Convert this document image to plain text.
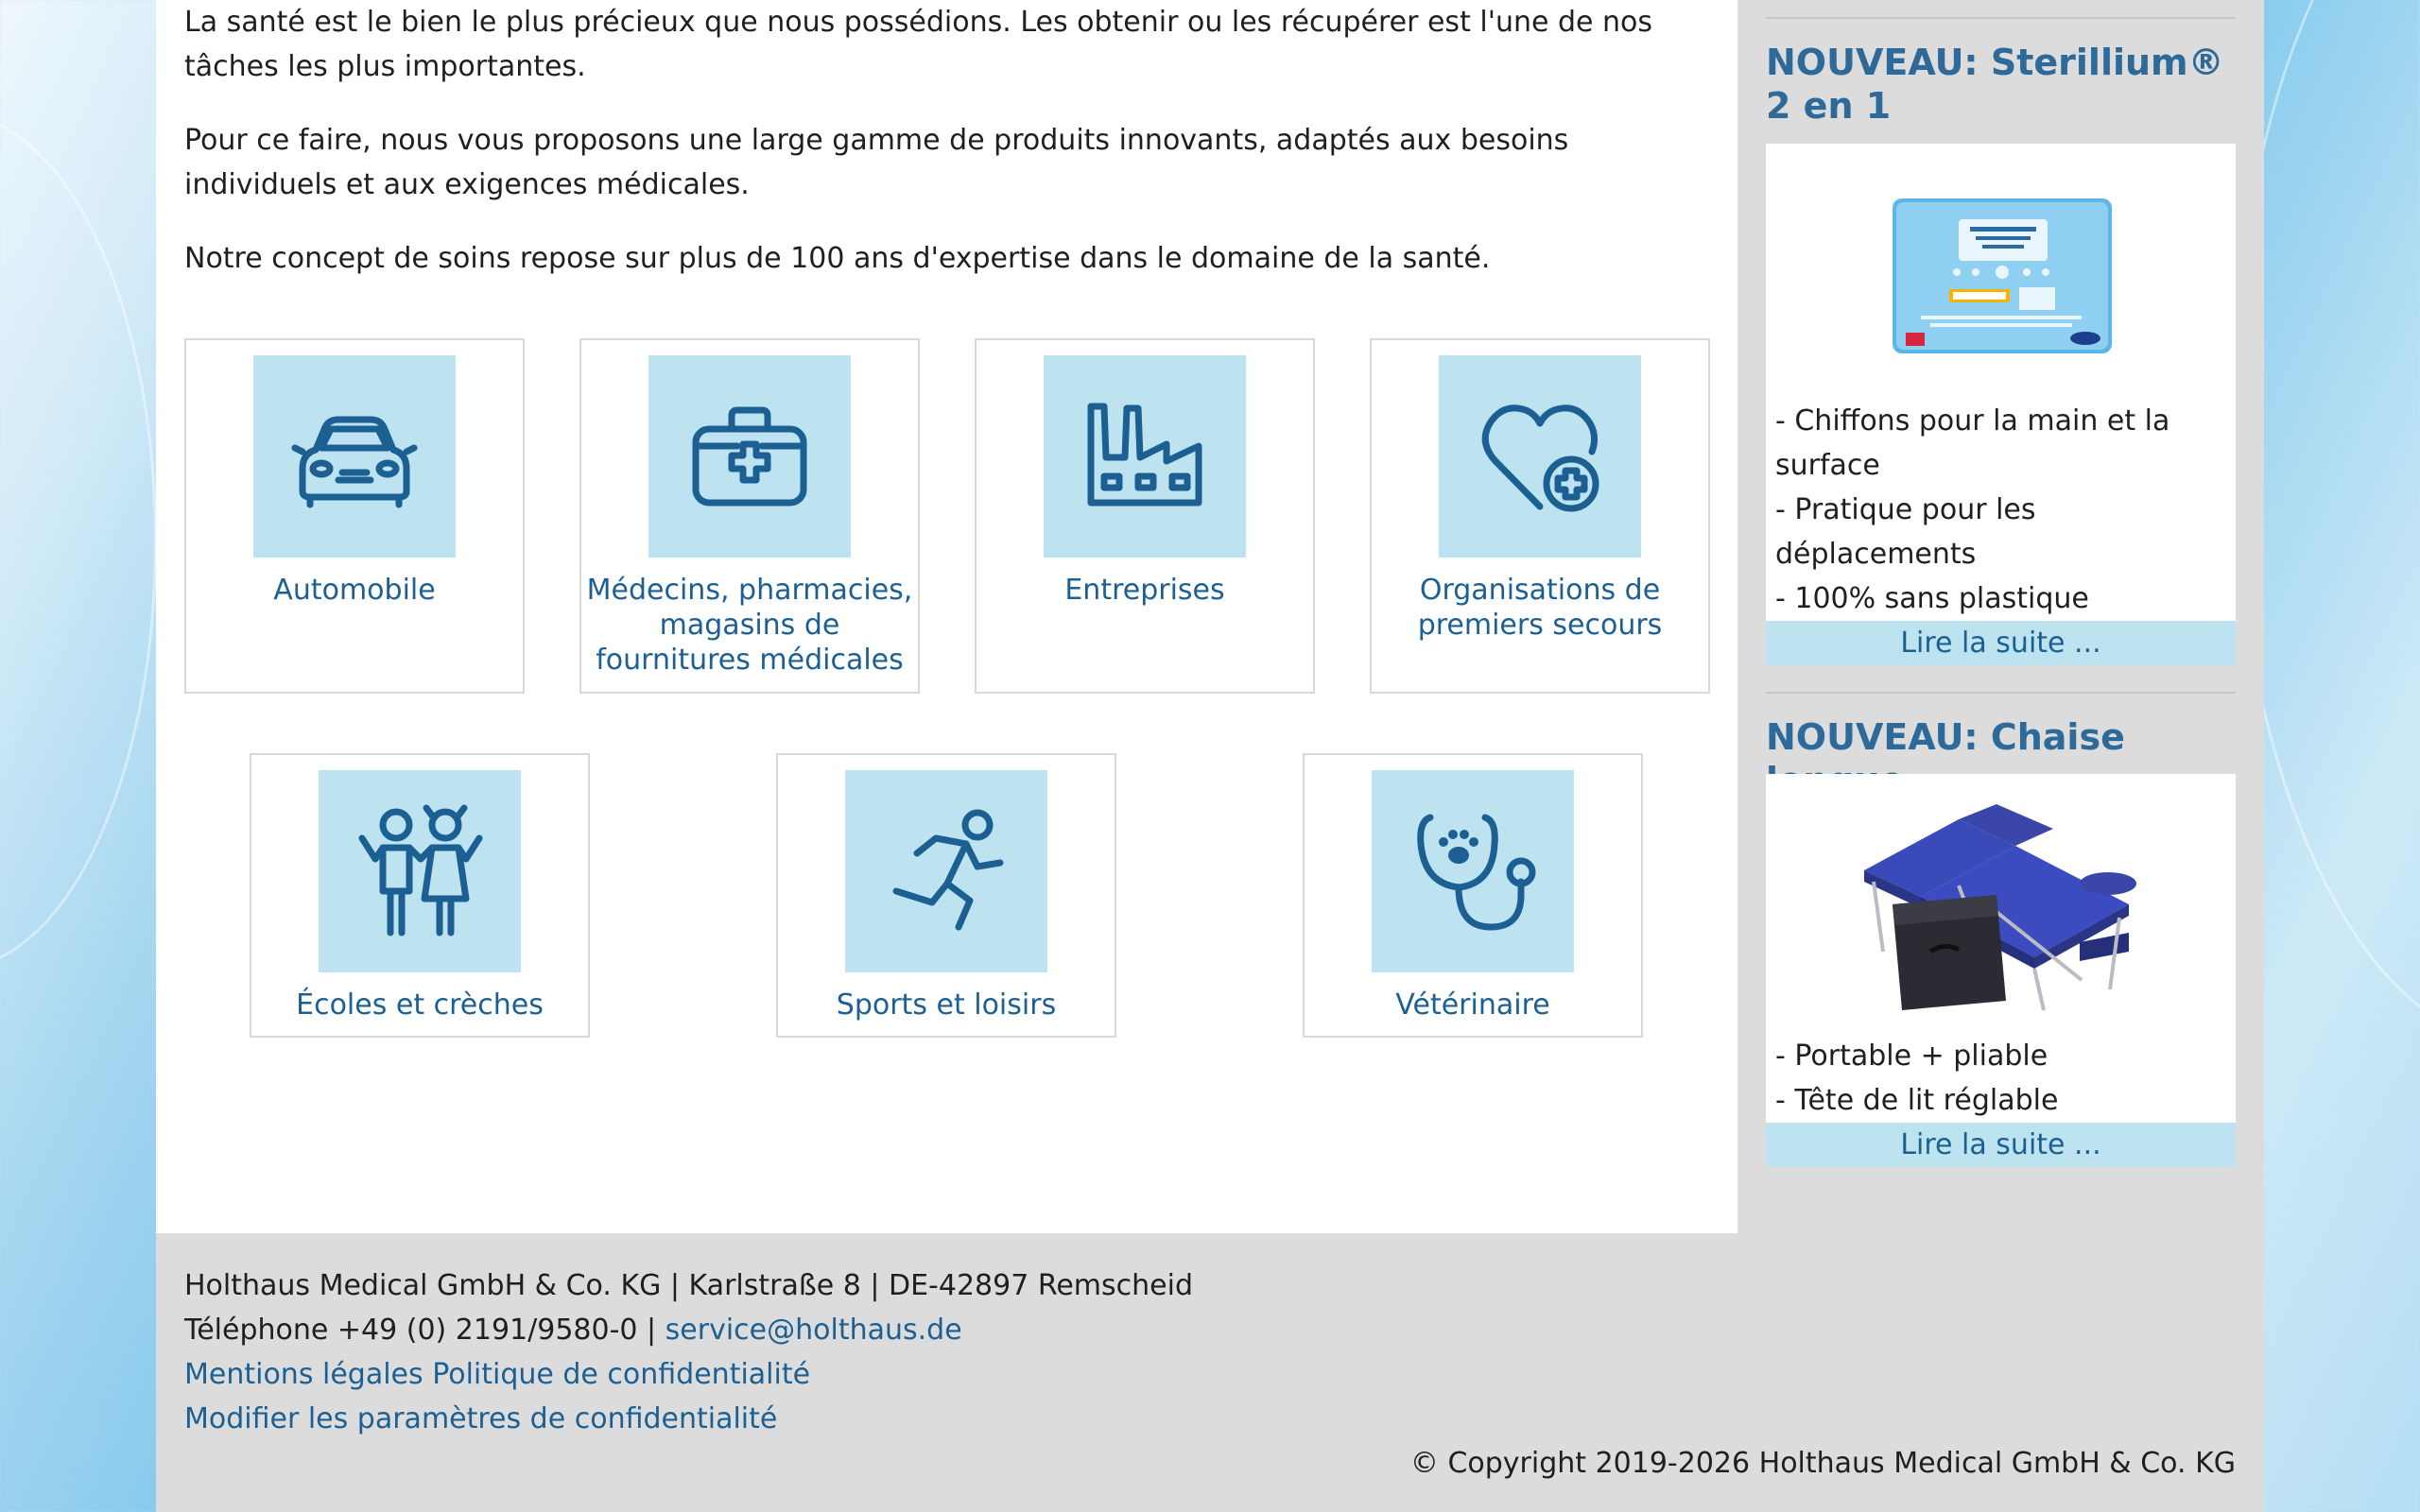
La santé est le bien le plus précieux que nous possédions. Les obtenir ou les récupérer est l'une de nos tâches les plus importantes.

Pour ce faire, nous vous proposons une large gamme de produits innovants, adaptés aux besoins individuels et aux exigences médicales.

Notre concept de soins repose sur plus de 100 ans d'expertise dans le domaine de la santé.

Automobile	Médecins, pharmacies, magasins de fournitures médicales
Entreprises	Organisations de premiers secours
Écoles et crèches	Sports et loisirs	Vétérinaire
NOUVEAU: Sterillium® 2 en 1
- Chiffons pour la main et la surface
- Pratique pour les déplacements
- 100% sans plastique
Lire la suite ...
NOUVEAU: Chaise
- Portable + pliable
- Tête de lit réglable
Lire la suite ...
Holthaus Medical GmbH & Co. KG | Karlstraße 8 | DE-42897 Remscheid
Téléphone +49 (0) 2191/9580-0 | service@holthaus.de
Mentions légales Politique de confidentialité
Modifier les paramètres de confidentialité
© Copyright 2019-2026 Holthaus Medical GmbH & Co. KG
